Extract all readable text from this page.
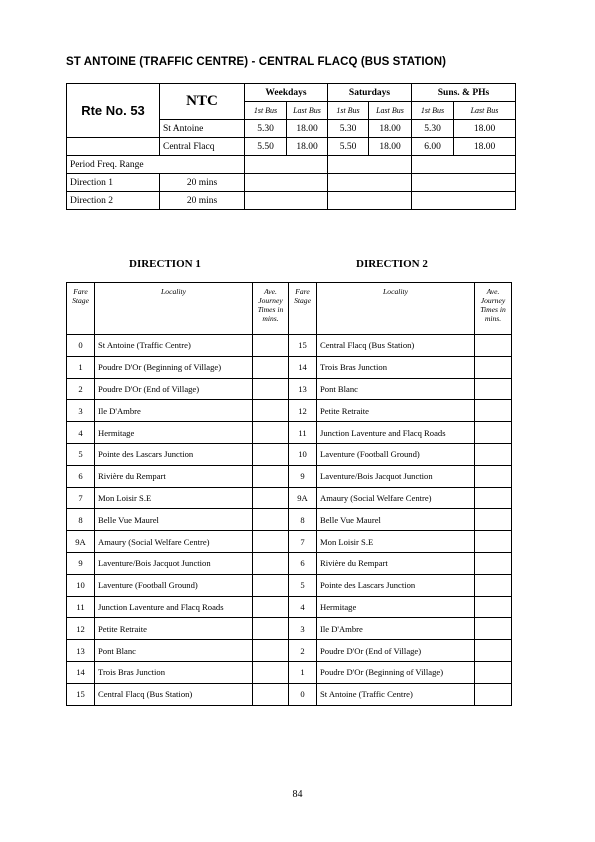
ST ANTOINE (TRAFFIC CENTRE) - CENTRAL FLACQ (BUS STATION)
Rte No. 53	NTC	Weekdays		Saturdays		Suns. & PHs	
		1st Bus	Last Bus	1st Bus	Last Bus	1st Bus	Last Bus
	St Antoine	5.30	18.00	5.30	18.00	5.30	18.00
	Central Flacq	5.50	18.00	5.50	18.00	6.00	18.00
Period Freq. Range							
Direction 1	20 mins						
Direction 2	20 mins						
DIRECTION 1	DIRECTION 2
Fare Stage	Locality	Ave. Journey Times in mins.	Fare Stage	Locality	Ave. Journey Times in mins.
0	St Antoine (Traffic Centre)		15	Central Flacq (Bus Station)	
1	Poudre D'Or (Beginning of Village)		14	Trois Bras Junction	
2	Poudre D'Or (End of Village)		13	Pont Blanc	
3	Ile D'Ambre		12	Petite Retraite	
4	Hermitage		11	Junction Laventure and Flacq Roads	
5	Pointe des Lascars Junction		10	Laventure (Football Ground)	
6	Rivière du Rempart		9	Laventure/Bois Jacquot Junction	
7	Mon Loisir S.E		9A	Amaury (Social Welfare Centre)	
8	Belle Vue Maurel		8	Belle Vue Maurel	
9A	Amaury (Social Welfare Centre)		7	Mon Loisir S.E	
9	Laventure/Bois Jacquot Junction		6	Rivière du Rempart	
10	Laventure (Football Ground)		5	Pointe des Lascars Junction	
11	Junction Laventure and Flacq Roads		4	Hermitage	
12	Petite Retraite		3	Ile D'Ambre	
13	Pont Blanc		2	Poudre D'Or (End of Village)	
14	Trois Bras Junction		1	Poudre D'Or (Beginning of Village)	
15	Central Flacq (Bus Station)		0	St Antoine (Traffic Centre)	
84
